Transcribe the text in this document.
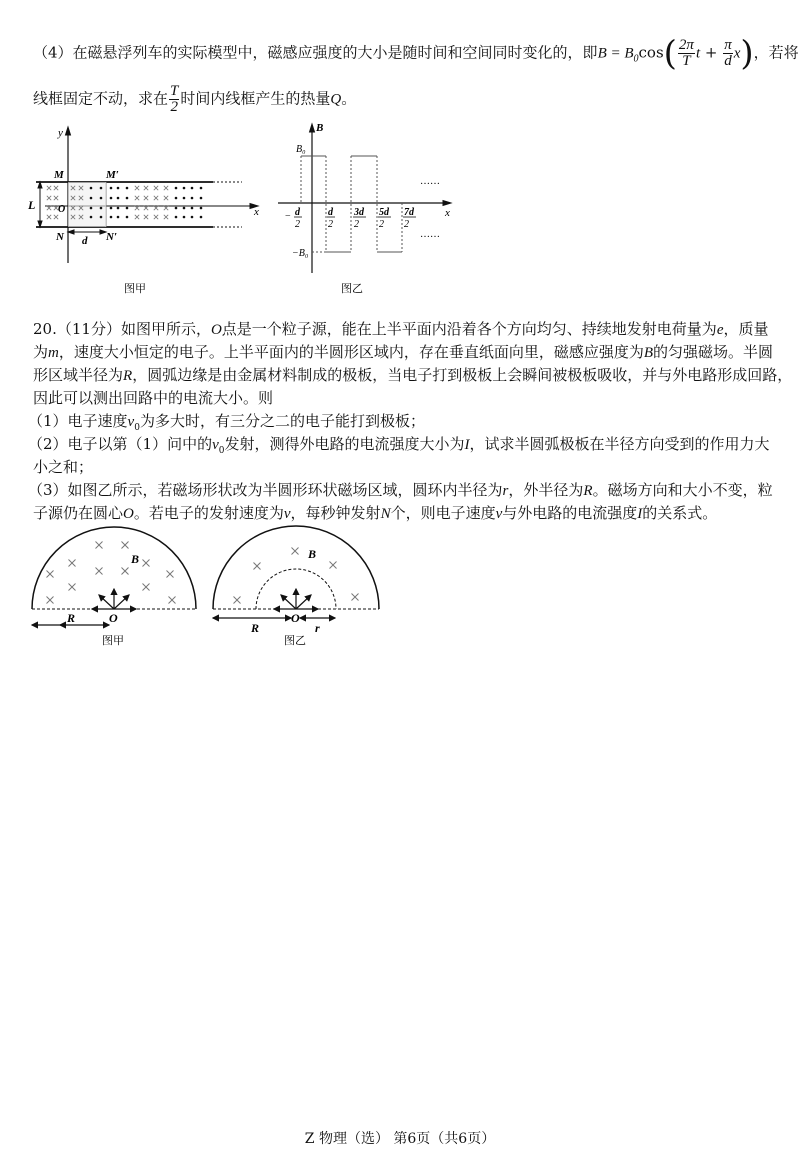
（4）在磁悬浮列车的实际模型中，磁感应强度的大小是随时间和空间同时变化的，即$B = B_0\cos( \frac{2\pi}{T}$ $t + \frac{\pi}{d} x$)，若将
线框固定不动，求在 $\frac{T}{2}$ 时间内线框产生的热量Q。
y
M	M′
L O	x
N	N′
d
图甲
B
B₀
−B₀
x
− d
2
d
2
3d
2
5d
2
7d
2
……
……
图乙
20.（11分）如图甲所示，O点是一个粒子源，能在上半平面内沿着各个方向均匀、持续地发射电荷量为e，质量
为m，速度大小恒定的电子。上半平面内的半圆形区域内，存在垂直纸面向里，磁感应强度为B的匀强磁场。半圆
形区域半径为R，圆弧边缘是由金属材料制成的极板，当电子打到极板上会瞬间被极板吸收，并与外电路形成回路，
因此可以测出回路中的电流大小。则
（1）电子速度$v_0$为多大时，有三分之二的电子能打到极板；
（2）电子以第（1）问中的$v_0$发射，测得外电路的电流强度大小为I，试求半圆弧极板在半径方向受到的作用力大
小之和；
（3）如图乙所示，若磁场形状改为半圆形环状磁场区域，圆环内半径为r，外半径为R。磁场方向和大小不变，粒
子源仍在圆心O。若电子的发射速度为v，每秒钟发射N个，则电子速度v与外电路的电流强度I的关系式。
B
O
R
图甲
B
O
R	r
图乙
Z 物理（选） 第6页（共6页）
